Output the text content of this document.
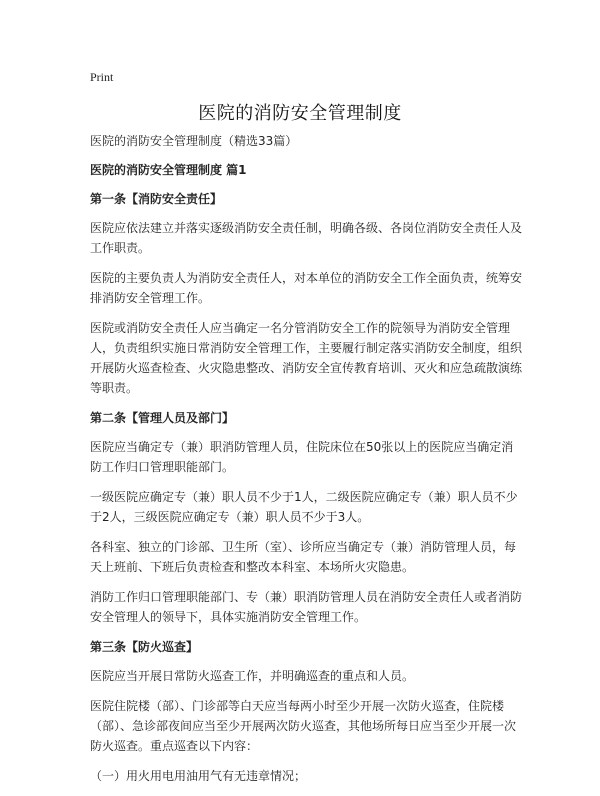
Print
医院的消防安全管理制度

医院的消防安全管理制度（精选33篇）

医院的消防安全管理制度 篇1

第一条【消防安全责任】

医院应依法建立并落实逐级消防安全责任制，明确各级、各岗位消防安全责任人及工作职责。

医院的主要负责人为消防安全责任人，对本单位的消防安全工作全面负责，统筹安排消防安全管理工作。

医院或消防安全责任人应当确定一名分管消防安全工作的院领导为消防安全管理人，负责组织实施日常消防安全管理工作，主要履行制定落实消防安全制度，组织开展防火巡查检查、火灾隐患整改、消防安全宣传教育培训、灭火和应急疏散演练等职责。

第二条【管理人员及部门】

医院应当确定专（兼）职消防管理人员，住院床位在50张以上的医院应当确定消防工作归口管理职能部门。

一级医院应确定专（兼）职人员不少于1人，二级医院应确定专（兼）职人员不少于2人，三级医院应确定专（兼）职人员不少于3人。

各科室、独立的门诊部、卫生所（室）、诊所应当确定专（兼）消防管理人员，每天上班前、下班后负责检查和整改本科室、本场所火灾隐患。

消防工作归口管理职能部门、专（兼）职消防管理人员在消防安全责任人或者消防安全管理人的领导下，具体实施消防安全管理工作。

第三条【防火巡查】

医院应当开展日常防火巡查工作，并明确巡查的重点和人员。

医院住院楼（部）、门诊部等白天应当每两小时至少开展一次防火巡查，住院楼（部）、急诊部夜间应当至少开展两次防火巡查，其他场所每日应当至少开展一次防火巡查。重点巡查以下内容：

（一）用火用电用油用气有无违章情况；
